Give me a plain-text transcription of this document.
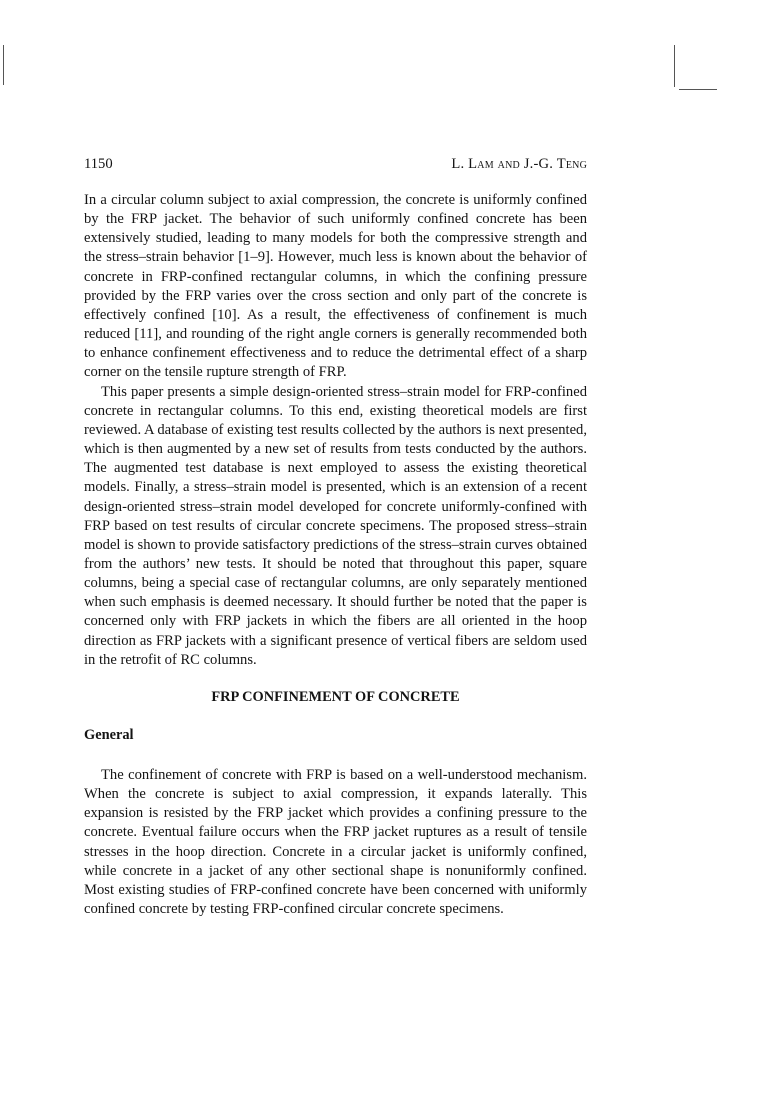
1150	L. Lam and J.-G. Teng

In a circular column subject to axial compression, the concrete is uniformly confined by the FRP jacket. The behavior of such uniformly confined concrete has been extensively studied, leading to many models for both the compressive strength and the stress–strain behavior [1–9]. However, much less is known about the behavior of concrete in FRP-confined rectangular columns, in which the confining pressure provided by the FRP varies over the cross section and only part of the concrete is effectively confined [10]. As a result, the effectiveness of confinement is much reduced [11], and rounding of the right angle corners is generally recommended both to enhance confinement effectiveness and to reduce the detrimental effect of a sharp corner on the tensile rupture strength of FRP.

This paper presents a simple design-oriented stress–strain model for FRP-confined concrete in rectangular columns. To this end, existing theoretical models are first reviewed. A database of existing test results collected by the authors is next presented, which is then augmented by a new set of results from tests conducted by the authors. The augmented test database is next employed to assess the existing theoretical models. Finally, a stress–strain model is presented, which is an extension of a recent design-oriented stress–strain model developed for concrete uniformly-confined with FRP based on test results of circular concrete specimens. The proposed stress–strain model is shown to provide satisfactory predictions of the stress–strain curves obtained from the authors’ new tests. It should be noted that throughout this paper, square columns, being a special case of rectangular columns, are only separately mentioned when such emphasis is deemed necessary. It should further be noted that the paper is concerned only with FRP jackets in which the fibers are all oriented in the hoop direction as FRP jackets with a significant presence of vertical fibers are seldom used in the retrofit of RC columns.

FRP CONFINEMENT OF CONCRETE
General

The confinement of concrete with FRP is based on a well-understood mechanism. When the concrete is subject to axial compression, it expands laterally. This expansion is resisted by the FRP jacket which provides a confining pressure to the concrete. Eventual failure occurs when the FRP jacket ruptures as a result of tensile stresses in the hoop direction. Concrete in a circular jacket is uniformly confined, while concrete in a jacket of any other sectional shape is nonuniformly confined. Most existing studies of FRP-confined concrete have been concerned with uniformly confined concrete by testing FRP-confined circular concrete specimens.
